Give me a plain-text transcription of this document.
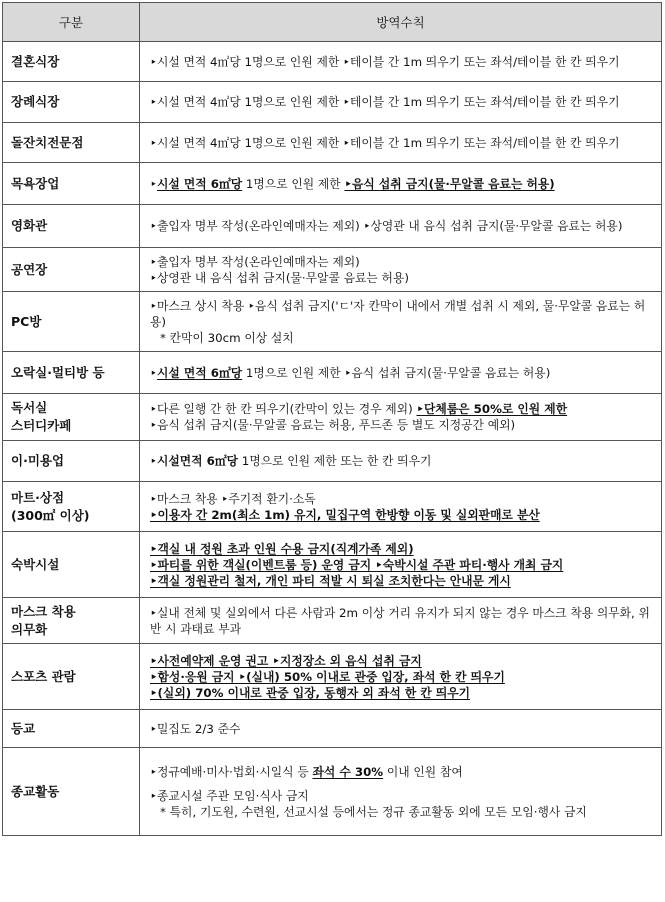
구분	방역수칙
결혼식장	‣시설 면적 4㎡당 1명으로 인원 제한 ‣테이블 간 1m 띄우기 또는 좌석/테이블 한 칸 띄우기

장례식장	‣시설 면적 4㎡당 1명으로 인원 제한 ‣테이블 간 1m 띄우기 또는 좌석/테이블 한 칸 띄우기

돌잔치전문점	‣시설 면적 4㎡당 1명으로 인원 제한 ‣테이블 간 1m 띄우기 또는 좌석/테이블 한 칸 띄우기

목욕장업	‣시설 면적 6㎡당 1명으로 인원 제한 ‣음식 섭취 금지(물·무알콜 음료는 허용)

영화관	‣출입자 명부 작성(온라인예매자는 제외) ‣상영관 내 음식 섭취 금지(물·무알콜 음료는 허용)

공연장	‣출입자 명부 작성(온라인예매자는 제외)
‣상영관 내 음식 섭취 금지(물·무알콜 음료는 허용)

PC방	‣마스크 상시 착용 ‣음식 섭취 금지('ㄷ'자 칸막이 내에서 개별 섭취 시 제외, 물·무알콜 음료는 허용)
* 칸막이 30cm 이상 설치

오락실·멀티방 등	‣시설 면적 6㎡당 1명으로 인원 제한 ‣음식 섭취 금지(물·무알콜 음료는 허용)

독서실
스터디카페	‣다른 일행 간 한 칸 띄우기(칸막이 있는 경우 제외) ‣단체룸은 50%로 인원 제한
‣음식 섭취 금지(물·무알콜 음료는 허용, 푸드존 등 별도 지정공간 예외)

이·미용업	‣시설면적 6㎡당 1명으로 인원 제한 또는 한 칸 띄우기

마트·상점
(300㎡ 이상)	‣마스크 착용 ‣주기적 환기·소독
‣이용자 간 2m(최소 1m) 유지, 밀집구역 한방향 이동 및 실외판매로 분산

숙박시설	‣객실 내 정원 초과 인원 수용 금지(직계가족 제외)
‣파티를 위한 객실(이벤트룸 등) 운영 금지 ‣숙박시설 주관 파티·행사 개최 금지
‣객실 정원관리 철저, 개인 파티 적발 시 퇴실 조치한다는 안내문 게시

마스크 착용
의무화	‣실내 전체 및 실외에서 다른 사람과 2m 이상 거리 유지가 되지 않는 경우 마스크 착용 의무화, 위반 시 과태료 부과

스포츠 관람	‣사전예약제 운영 권고 ‣지정장소 외 음식 섭취 금지
‣함성·응원 금지 ‣(실내) 50% 이내로 관중 입장, 좌석 한 칸 띄우기
‣(실외) 70% 이내로 관중 입장, 동행자 외 좌석 한 칸 띄우기

등교	‣밀집도 2/3 준수

종교활동	‣정규예배·미사·법회·시일식 등 좌석 수 30% 이내 인원 참여
‣종교시설 주관 모임·식사 금지
* 특히, 기도원, 수련원, 선교시설 등에서는 정규 종교활동 외에 모든 모임·행사 금지
